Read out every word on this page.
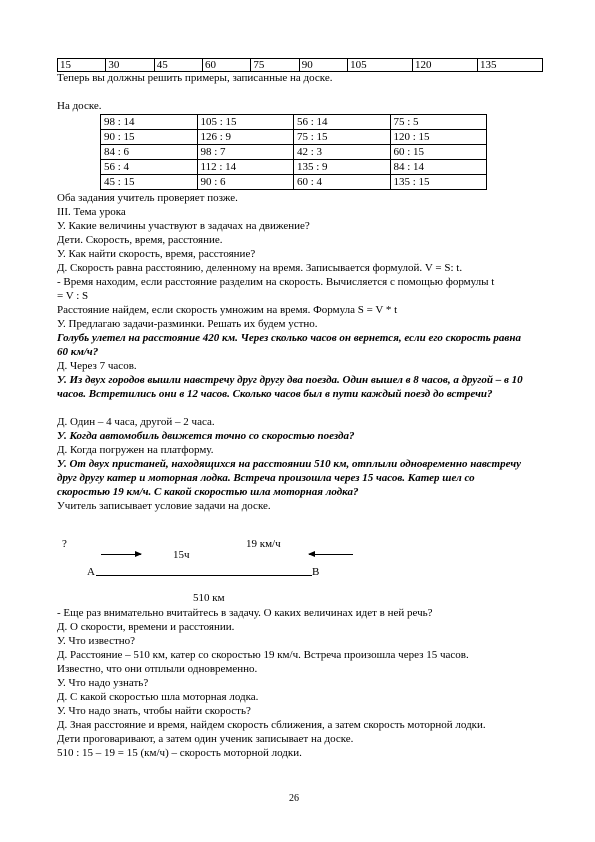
15	30	45	60	75	90	105	120	135
Теперь вы должны решить примеры, записанные на доске.
На доске.
98 : 14	105 : 15	56 : 14	75 : 5
90 : 15	126 : 9	75 : 15	120 : 15
84 : 6	98 : 7	42 : 3	60 : 15
56 : 4	112 : 14	135 : 9	84 : 14
45 : 15	90 : 6	60 : 4	135 : 15
Оба задания учитель проверяет позже.
III. Тема урока
У. Какие величины участвуют в задачах на движение?
Дети. Скорость, время, расстояние.
У. Как найти скорость, время, расстояние?
Д. Скорость равна расстоянию, деленному на время. Записывается формулой. V = S: t.
- Время находим, если расстояние разделим на скорость. Вычисляется с помощью формулы t
= V : S
Расстояние найдем, если скорость умножим на время. Формула S = V * t
У. Предлагаю задачи-разминки. Решать их будем устно.
Голубь улетел на расстояние 420 км. Через сколько часов он вернется, если его скорость равна 60 км/ч?
Д. Через 7 часов.
У. Из двух городов вышли навстречу друг другу два поезда. Один вышел в 8 часов, а другой – в 10 часов. Встретились они в 12 часов. Сколько часов был в пути каждый поезд до встречи?
Д. Один – 4 часа, другой – 2 часа.
У. Когда автомобиль движется точно со скоростью поезда?
Д. Когда погружен на платформу.
У. От двух пристаней, находящихся на расстоянии 510 км, отплыли одновременно навстречу друг другу катер и моторная лодка. Встреча произошла через 15 часов. Катер шел со скоростью 19 км/ч. С какой скоростью шла моторная лодка?
Учитель записывает условие задачи на доске.
?	19 км/ч
15ч
А	В
510 км
- Еще раз внимательно вчитайтесь в задачу. О каких величинах идет в ней речь?
Д. О скорости, времени и расстоянии.
У. Что известно?
Д. Расстояние – 510 км, катер со скоростью 19 км/ч. Встреча произошла через 15 часов.
Известно, что они отплыли одновременно.
У. Что надо узнать?
Д. С какой скоростью шла моторная лодка.
У. Что надо знать, чтобы найти скорость?
Д. Зная расстояние и время, найдем скорость сближения, а затем скорость моторной лодки.
Дети проговаривают, а затем один ученик записывает на доске.
510 : 15 – 19 = 15 (км/ч) – скорость моторной лодки.
26
